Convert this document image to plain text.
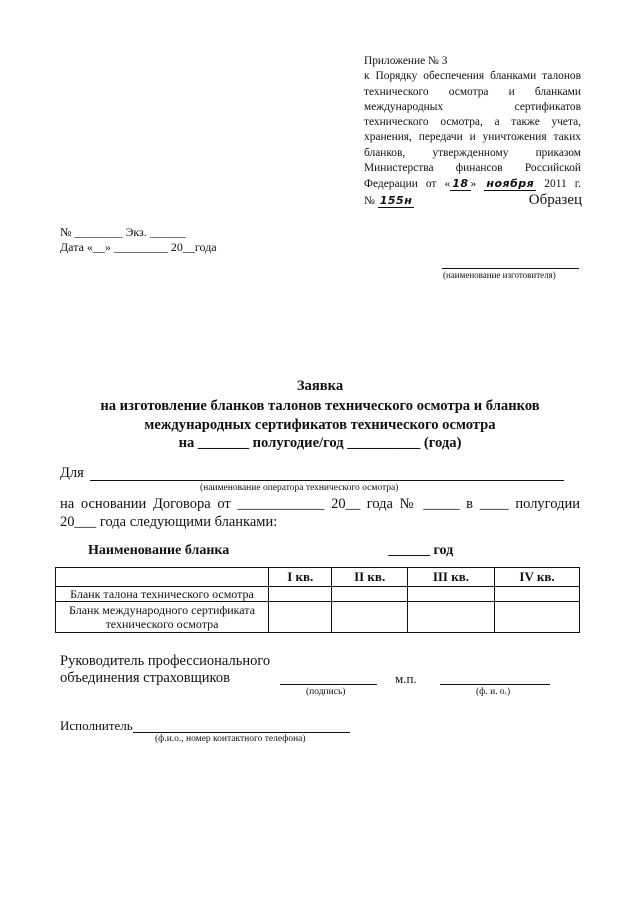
Приложение № 3
к Порядку обеспечения бланками талонов
технического осмотра и бланками
международных сертификатов
технического осмотра, а также учета,
хранения, передачи и уничтожения таких
бланков, утвержденному приказом
Министерства финансов Российской
Федерации от « 18 » ноября 2011 г.
№ 155н	Образец
№ ________ Экз. ______
Дата «__» _________ 20__года
(наименование изготовителя)
Заявка
на изготовление бланков талонов технического осмотра и бланков
международных сертификатов технического осмотра
на _______ полугодие/год __________ (года)
Для
(наименование оператора технического осмотра)
на основании Договора от ____________ 20__ года № _____ в ____ полугодии
20___ года следующими бланками:
Наименование бланка	______ год
	I кв.	II кв.	III кв.	IV кв.
Бланк талона технического осмотра				
Бланк международного сертификата технического осмотра				
Руководитель профессионального
объединения страховщиков
(подпись)
м.п.
(ф. и. о.)
Исполнитель
(ф.и.о., номер контактного телефона)
